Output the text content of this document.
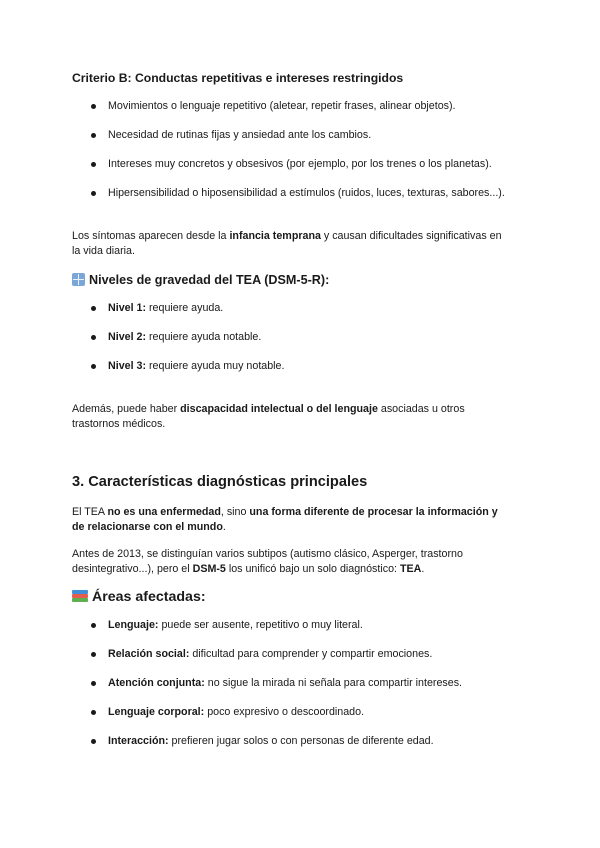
Criterio B: Conductas repetitivas e intereses restringidos
Movimientos o lenguaje repetitivo (aletear, repetir frases, alinear objetos).
Necesidad de rutinas fijas y ansiedad ante los cambios.
Intereses muy concretos y obsesivos (por ejemplo, por los trenes o los planetas).
Hipersensibilidad o hiposensibilidad a estímulos (ruidos, luces, texturas, sabores...).
Los síntomas aparecen desde la infancia temprana y causan dificultades significativas en
la vida diaria.
Niveles de gravedad del TEA (DSM-5-R):
Nivel 1: requiere ayuda.
Nivel 2: requiere ayuda notable.
Nivel 3: requiere ayuda muy notable.
Además, puede haber discapacidad intelectual o del lenguaje asociadas u otros
trastornos médicos.
3. Características diagnósticas principales
El TEA no es una enfermedad, sino una forma diferente de procesar la información y
de relacionarse con el mundo.
Antes de 2013, se distinguían varios subtipos (autismo clásico, Asperger, trastorno
desintegrativo...), pero el DSM-5 los unificó bajo un solo diagnóstico: TEA.
Áreas afectadas:
Lenguaje: puede ser ausente, repetitivo o muy literal.
Relación social: dificultad para comprender y compartir emociones.
Atención conjunta: no sigue la mirada ni señala para compartir intereses.
Lenguaje corporal: poco expresivo o descoordinado.
Interacción: prefieren jugar solos o con personas de diferente edad.
